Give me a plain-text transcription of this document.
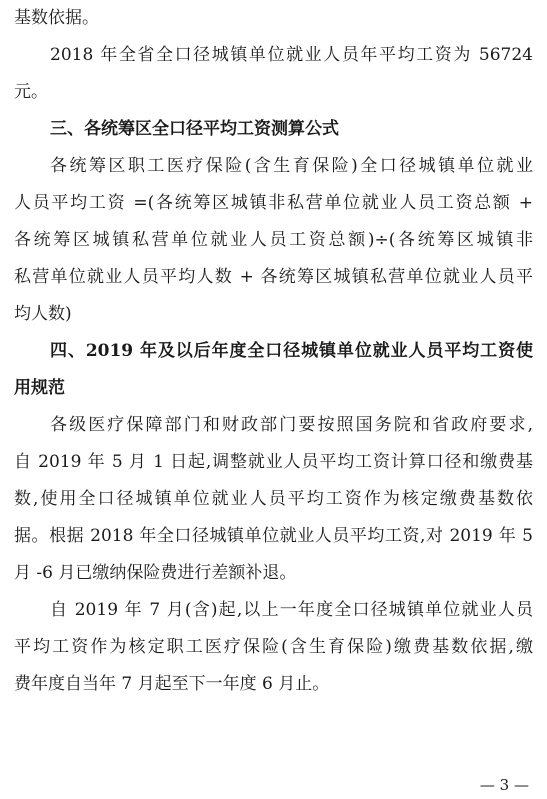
基数依据。
2018 年全省全口径城镇单位就业人员年平均工资为 56724
元。
三、各统筹区全口径平均工资测算公式
各统筹区职工医疗保险(含生育保险)全口径城镇单位就业
人员平均工资 =(各统筹区城镇非私营单位就业人员工资总额 +
各统筹区城镇私营单位就业人员工资总额)÷(各统筹区城镇非
私营单位就业人员平均人数 + 各统筹区城镇私营单位就业人员平
均人数)
四、2019 年及以后年度全口径城镇单位就业人员平均工资使
用规范
各级医疗保障部门和财政部门要按照国务院和省政府要求,
自 2019 年 5 月 1 日起,调整就业人员平均工资计算口径和缴费基
数,使用全口径城镇单位就业人员平均工资作为核定缴费基数依
据。根据 2018 年全口径城镇单位就业人员平均工资,对 2019 年 5
月 -6 月已缴纳保险费进行差额补退。
自 2019 年 7 月(含)起,以上一年度全口径城镇单位就业人员
平均工资作为核定职工医疗保险(含生育保险)缴费基数依据,缴
费年度自当年 7 月起至下一年度 6 月止。
— 3 —
